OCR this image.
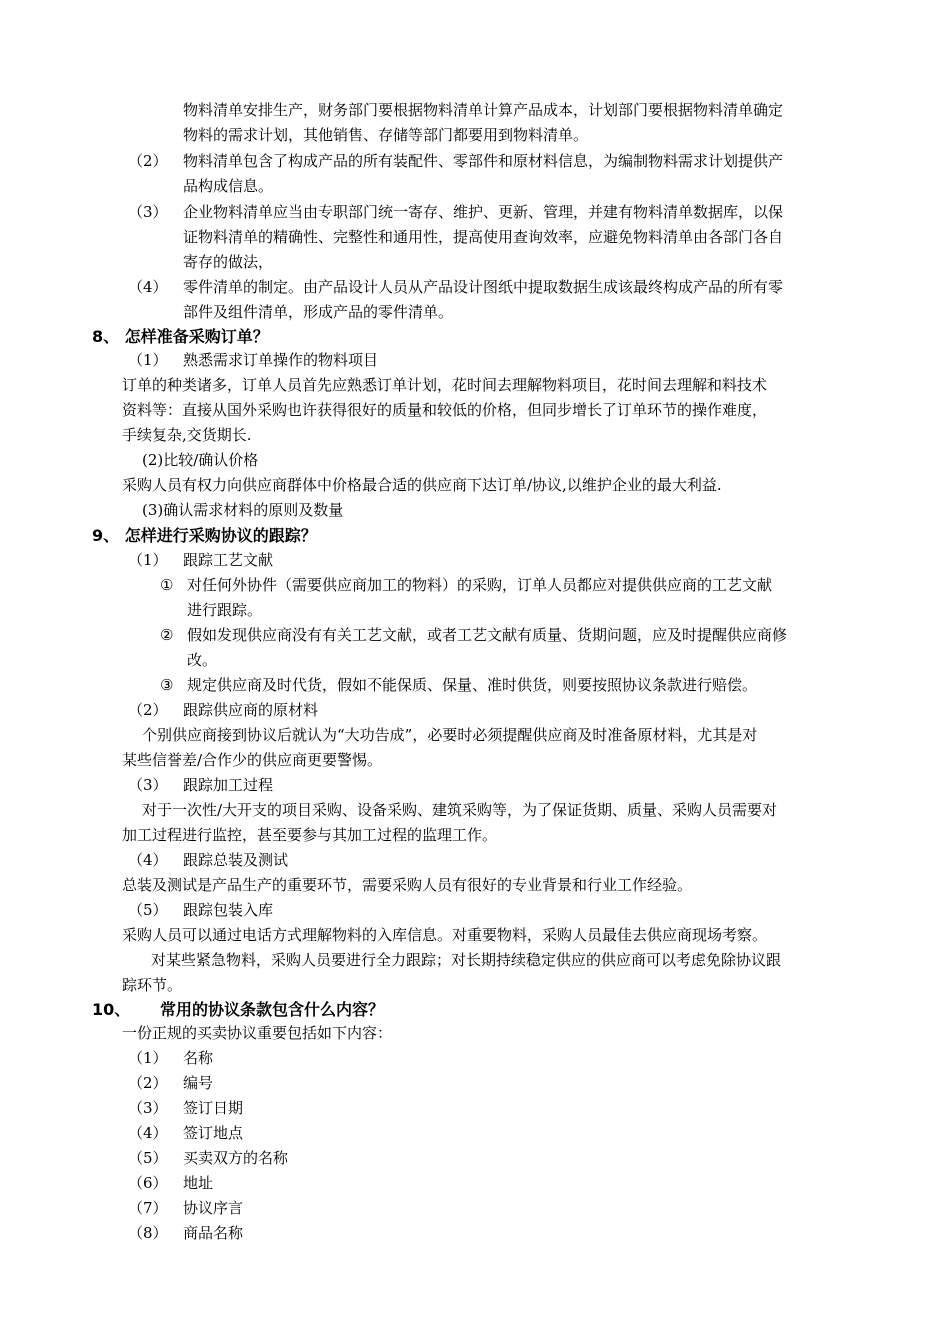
物料清单安排生产，财务部门要根据物料清单计算产品成本，计划部门要根据物料清单确定
物料的需求计划，其他销售、存储等部门都要用到物料清单。
（2） 物料清单包含了构成产品的所有装配件、零部件和原材料信息，为编制物料需求计划提供产
品构成信息。
（3） 企业物料清单应当由专职部门统一寄存、维护、更新、管理，并建有物料清单数据库，以保
证物料清单的精确性、完整性和通用性，提高使用查询效率，应避免物料清单由各部门各自
寄存的做法，
（4） 零件清单的制定。由产品设计人员从产品设计图纸中提取数据生成该最终构成产品的所有零
部件及组件清单，形成产品的零件清单。
8、 怎样准备采购订单？
（1） 熟悉需求订单操作的物料项目
订单的种类诸多，订单人员首先应熟悉订单计划，花时间去理解物料项目，花时间去理解和料技术
资料等：直接从国外采购也许获得很好的质量和较低的价格，但同步增长了订单环节的操作难度，
手续复杂,交货期长.
(2)比较/确认价格
采购人员有权力向供应商群体中价格最合适的供应商下达订单/协议,以维护企业的最大利益.
(3)确认需求材料的原则及数量
9、 怎样进行采购协议的跟踪？
（1） 跟踪工艺文献
① 对任何外协件（需要供应商加工的物料）的采购，订单人员都应对提供供应商的工艺文献
进行跟踪。
② 假如发现供应商没有有关工艺文献，或者工艺文献有质量、货期问题，应及时提醒供应商修
改。
③ 规定供应商及时代货，假如不能保质、保量、准时供货，则要按照协议条款进行赔偿。
（2） 跟踪供应商的原材料
个别供应商接到协议后就认为“大功告成”，必要时必须提醒供应商及时准备原材料，尤其是对
某些信誉差/合作少的供应商更要警惕。
（3） 跟踪加工过程
对于一次性/大开支的项目采购、设备采购、建筑采购等，为了保证货期、质量、采购人员需要对
加工过程进行监控，甚至要参与其加工过程的监理工作。
（4） 跟踪总装及测试
总装及测试是产品生产的重要环节，需要采购人员有很好的专业背景和行业工作经验。
（5） 跟踪包装入库
采购人员可以通过电话方式理解物料的入库信息。对重要物料，采购人员最佳去供应商现场考察。
对某些紧急物料，采购人员要进行全力跟踪；对长期持续稳定供应的供应商可以考虑免除协议跟
踪环节。
10、 常用的协议条款包含什么内容？
一份正规的买卖协议重要包括如下内容：
（1） 名称
（2） 编号
（3） 签订日期
（4） 签订地点
（5） 买卖双方的名称
（6） 地址
（7） 协议序言
（8） 商品名称
